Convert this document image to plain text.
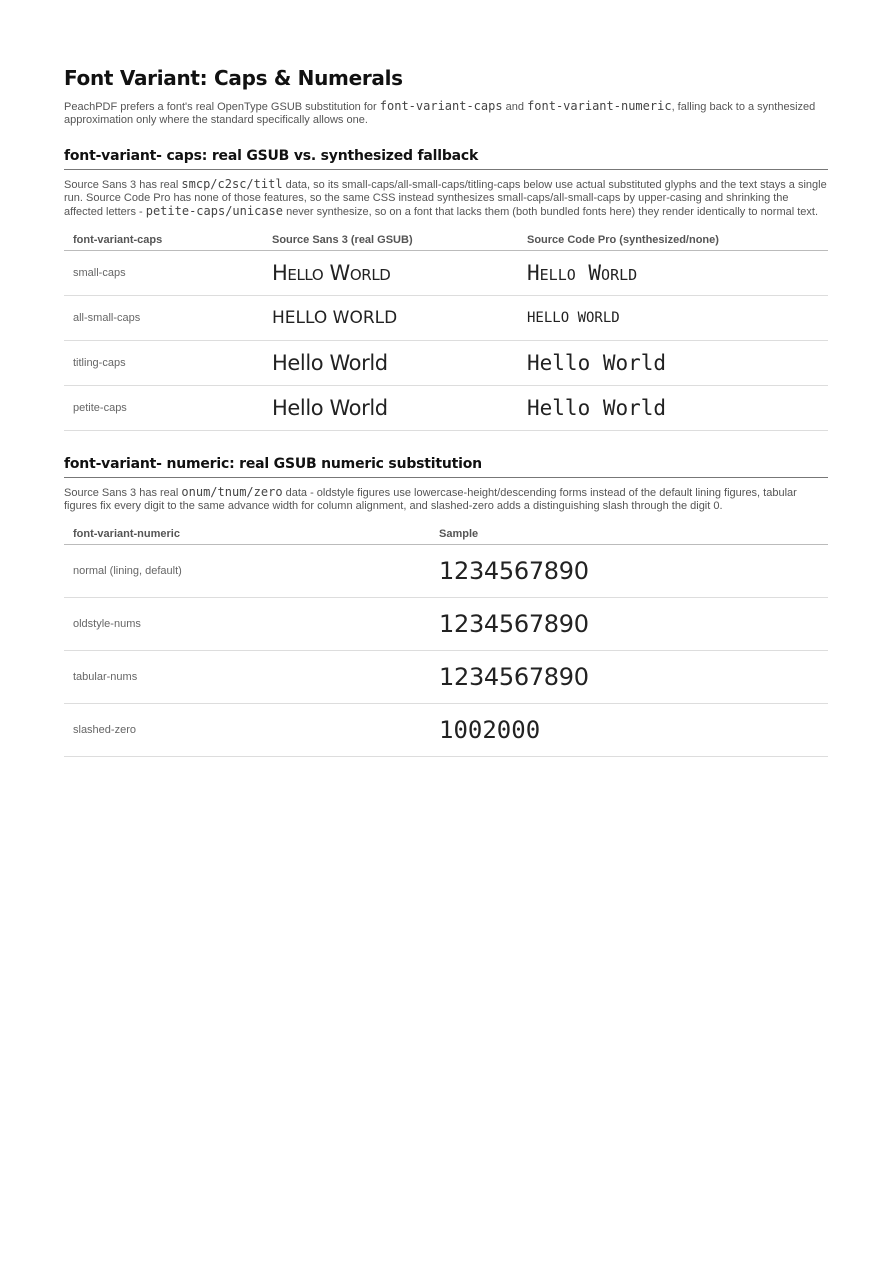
Font Variant: Caps & Numerals

PeachPDF prefers a font's real OpenType GSUB substitution for font-variant-caps and font-variant-numeric, falling back to a synthesized approximation only where the standard specifically allows one.

font-variant- caps: real GSUB vs. synthesized fallback

Source Sans 3 has real smcp/c2sc/titl data, so its small-caps/all-small-caps/titling-caps below use actual substituted glyphs and the text stays a single run. Source Code Pro has none of those features, so the same CSS instead synthesizes small-caps/all-small-caps by upper-casing and shrinking the affected letters - petite-caps/unicase never synthesize, so on a font that lacks them (both bundled fonts here) they render identically to normal text.

font-variant-caps	Source Sans 3 (real GSUB)	Source Code Pro (synthesized/none)
small-caps	Hello World	Hello World
all-small-caps	HELLO WORLD	HELLO WORLD
titling-caps	Hello World	Hello World
petite-caps	Hello World	Hello World
font-variant- numeric: real GSUB numeric substitution

Source Sans 3 has real onum/tnum/zero data - oldstyle figures use lowercase-height/descending forms instead of the default lining figures, tabular figures fix every digit to the same advance width for column alignment, and slashed-zero adds a distinguishing slash through the digit 0.

font-variant-numeric	Sample
normal (lining, default)	1234567890
oldstyle-nums	1234567890
tabular-nums	1234567890
slashed-zero	1002000
